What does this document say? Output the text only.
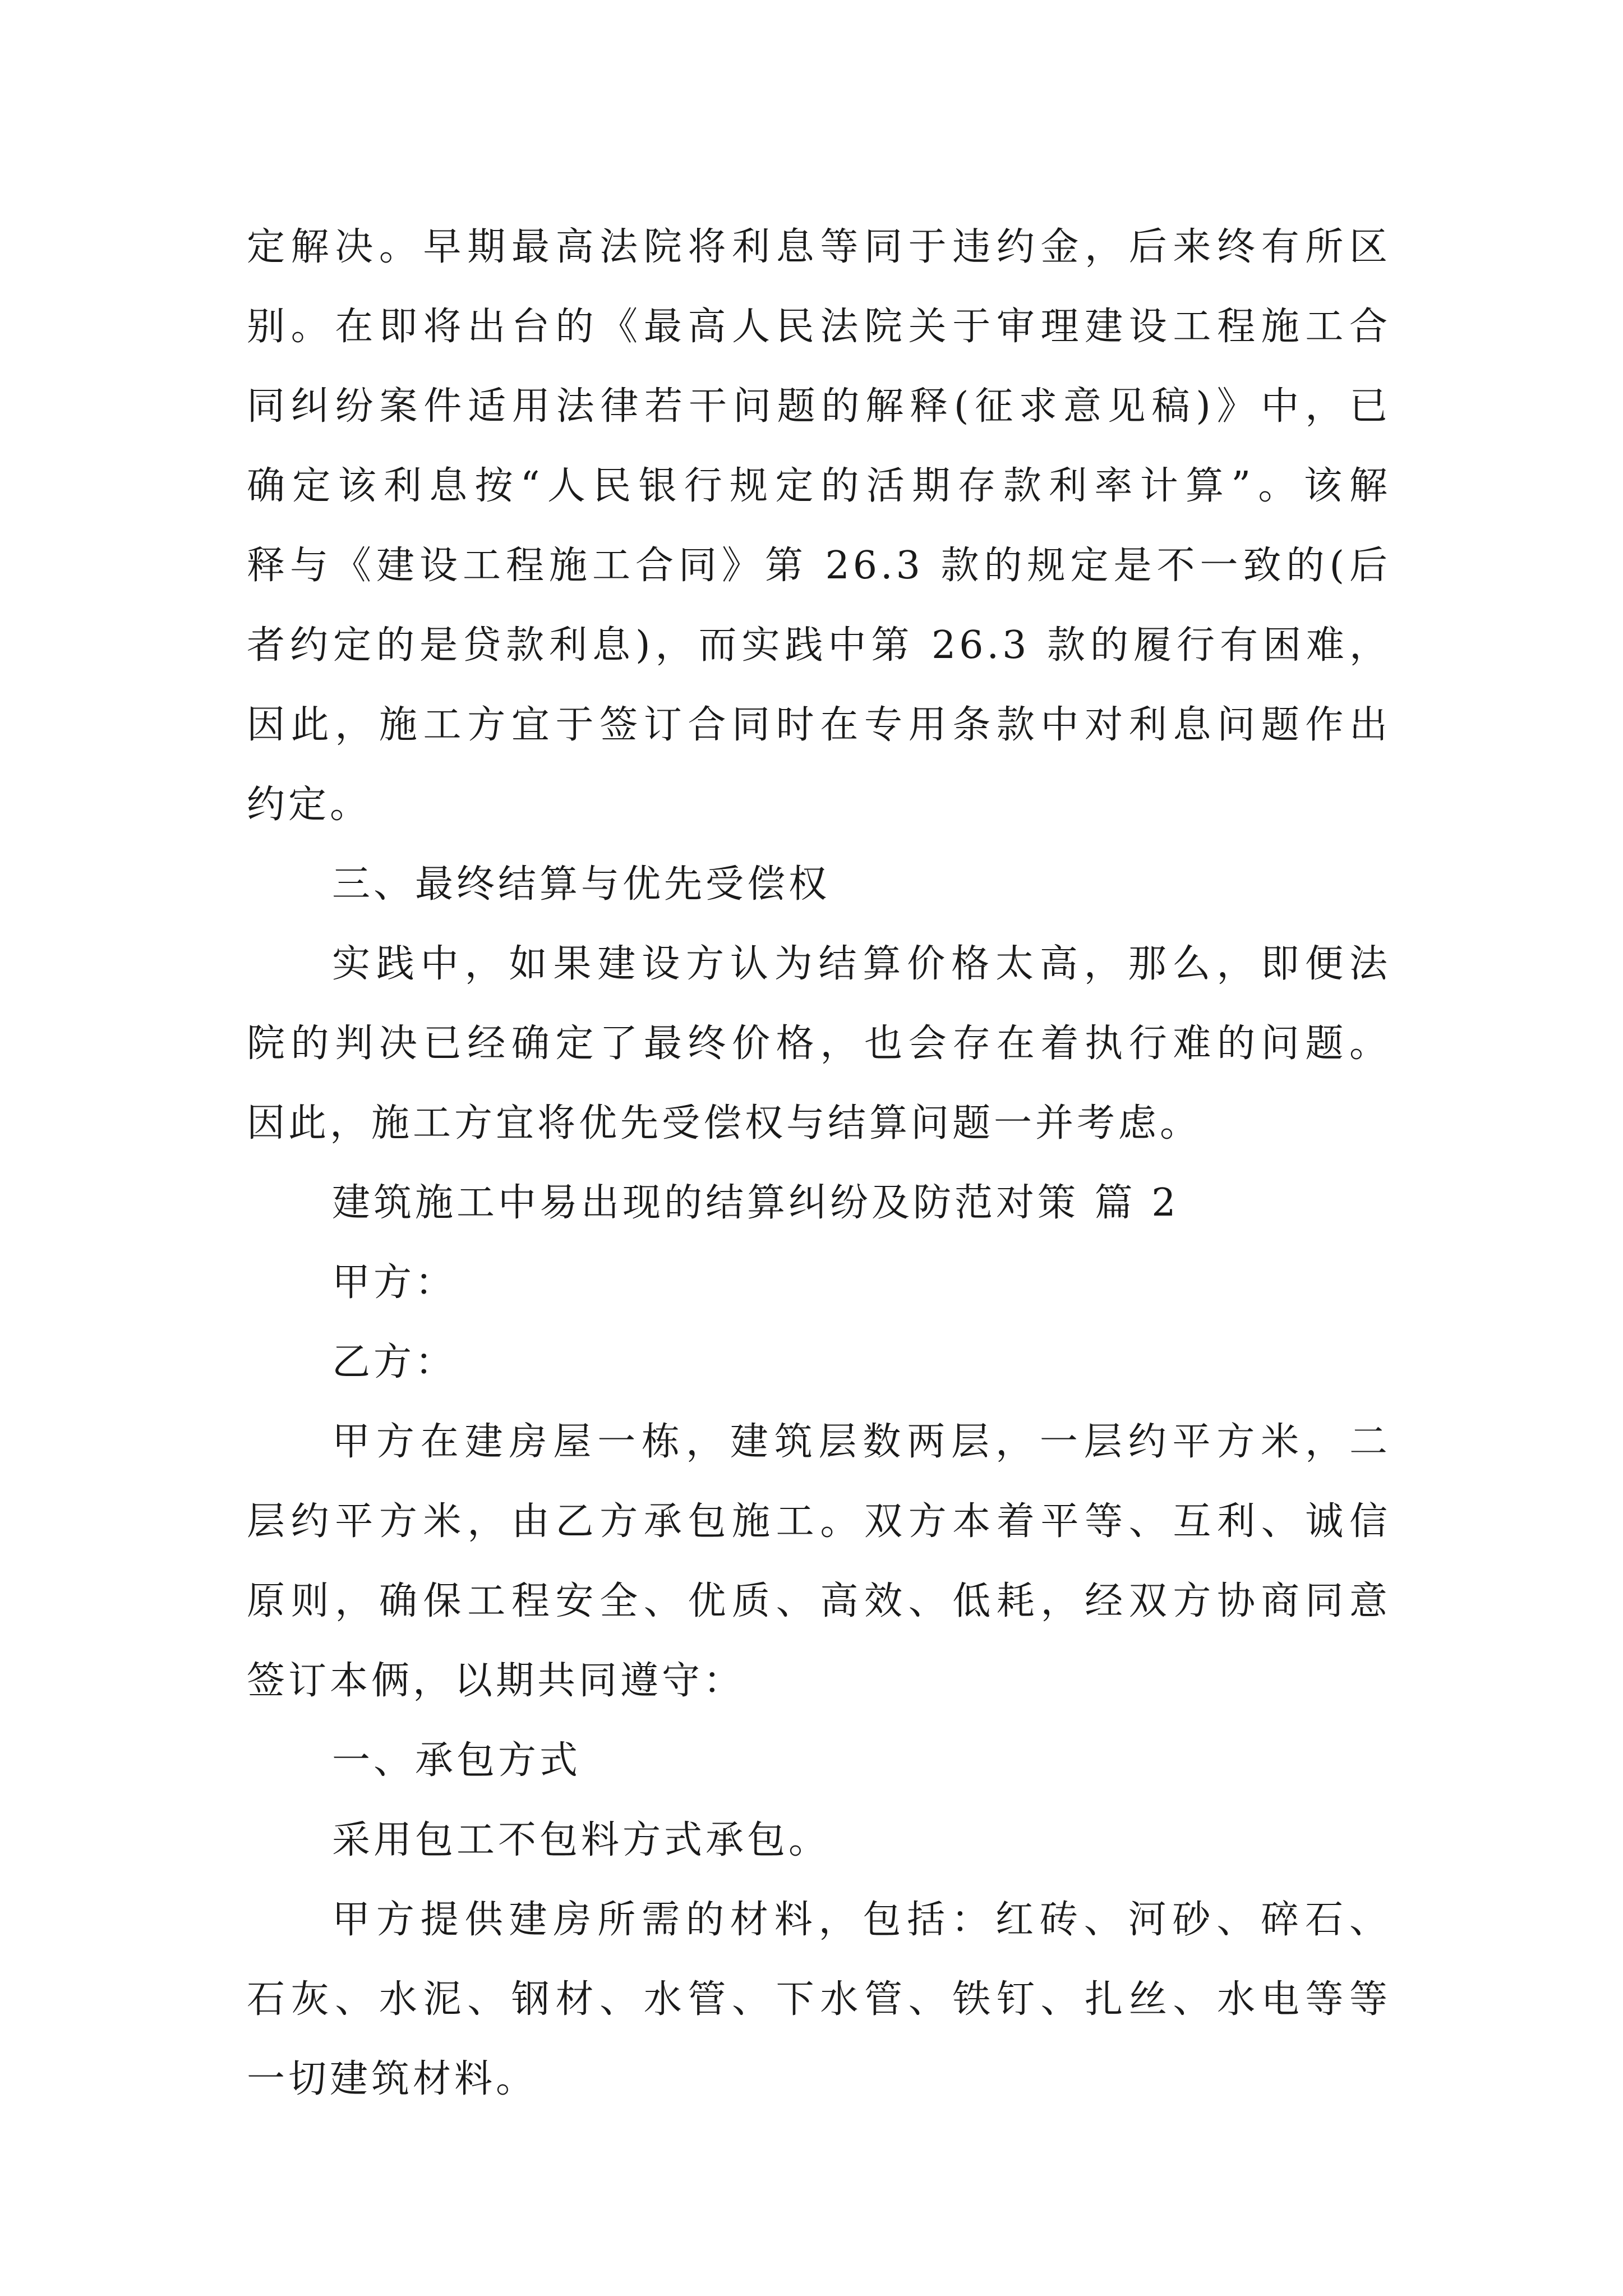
定解决。早期最高法院将利息等同于违约金，后来终有所区
别。在即将出台的《最高人民法院关于审理建设工程施工合
同纠纷案件适用法律若干问题的解释(征求意见稿)》中，已
确定该利息按“人民银行规定的活期存款利率计算”。该解
释与《建设工程施工合同》第 26.3 款的规定是不一致的(后
者约定的是贷款利息)，而实践中第 26.3 款的履行有困难，
因此，施工方宜于签订合同时在专用条款中对利息问题作出
约定。
三、最终结算与优先受偿权
实践中，如果建设方认为结算价格太高，那么，即便法
院的判决已经确定了最终价格，也会存在着执行难的问题。
因此，施工方宜将优先受偿权与结算问题一并考虑。
建筑施工中易出现的结算纠纷及防范对策 篇 2
甲方：
乙方：
甲方在建房屋一栋，建筑层数两层，一层约平方米，二
层约平方米，由乙方承包施工。双方本着平等、互利、诚信
原则，确保工程安全、优质、高效、低耗，经双方协商同意
签订本俩，以期共同遵守：
一、承包方式
采用包工不包料方式承包。
甲方提供建房所需的材料，包括：红砖、河砂、碎石、
石灰、水泥、钢材、水管、下水管、铁钉、扎丝、水电等等
一切建筑材料。
